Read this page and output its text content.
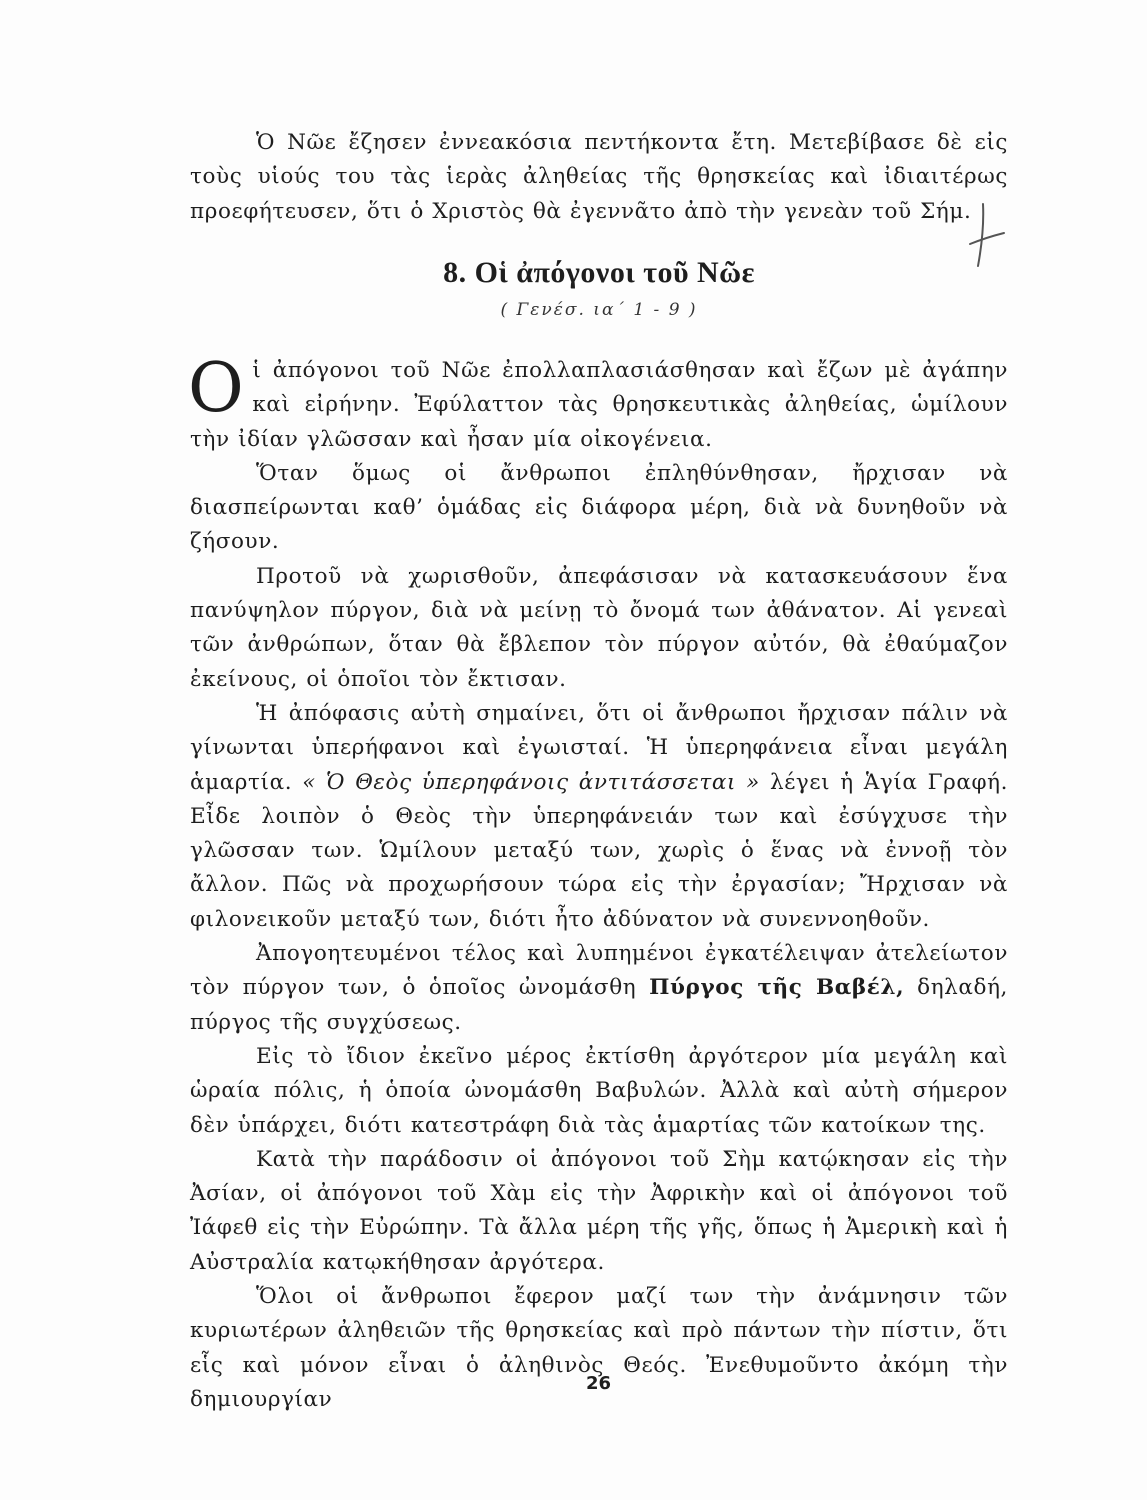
Ὁ Νῶε ἔζησεν ἐννεακόσια πεντήκοντα ἔτη. Μετεβίβασε δὲ εἰς τοὺς υἱούς του τὰς ἱερὰς ἀληθείας τῆς θρησκείας καὶ ἰδιαιτέρως προεφήτευσεν, ὅτι ὁ Χριστὸς θὰ ἐγεννᾶτο ἀπὸ τὴν γενεὰν τοῦ Σήμ.

8. Οἱ ἀπόγονοι τοῦ Νῶε
( Γενέσ. ια΄ 1 - 9 )

Οἱ ἀπόγονοι τοῦ Νῶε ἐπολλαπλασιάσθησαν καὶ ἔζων μὲ ἀγάπην καὶ εἰρήνην. Ἐφύλαττον τὰς θρησκευτικὰς ἀληθείας, ὡμίλουν τὴν ἰδίαν γλῶσσαν καὶ ἦσαν μία οἰκογένεια.

Ὅταν ὅμως οἱ ἄνθρωποι ἐπληθύνθησαν, ἤρχισαν νὰ διασπείρωνται καθ’ ὁμάδας εἰς διάφορα μέρη, διὰ νὰ δυνηθοῦν νὰ ζήσουν.

Προτοῦ νὰ χωρισθοῦν, ἀπεφάσισαν νὰ κατασκευάσουν ἕνα πανύψηλον πύργον, διὰ νὰ μείνῃ τὸ ὄνομά των ἀθάνατον. Αἱ γενεαὶ τῶν ἀνθρώπων, ὅταν θὰ ἔβλεπον τὸν πύργον αὐτόν, θὰ ἐθαύμαζον ἐκείνους, οἱ ὁποῖοι τὸν ἔκτισαν.

Ἡ ἀπόφασις αὐτὴ σημαίνει, ὅτι οἱ ἄνθρωποι ἤρχισαν πάλιν νὰ γίνωνται ὑπερήφανοι καὶ ἐγωισταί. Ἡ ὑπερηφάνεια εἶναι μεγάλη ἁμαρτία. « Ὁ Θεὸς ὑπερηφάνοις ἀντιτάσσεται » λέγει ἡ Ἁγία Γραφή. Εἶδε λοιπὸν ὁ Θεὸς τὴν ὑπερηφάνειάν των καὶ ἐσύγχυσε τὴν γλῶσσαν των. Ὡμίλουν μεταξύ των, χωρὶς ὁ ἕνας νὰ ἐννοῇ τὸν ἄλλον. Πῶς νὰ προχωρήσουν τώρα εἰς τὴν ἐργασίαν; Ἤρχισαν νὰ φιλονεικοῦν μεταξύ των, διότι ἦτο ἀδύνατον νὰ συνεννοηθοῦν.

Ἀπογοητευμένοι τέλος καὶ λυπημένοι ἐγκατέλειψαν ἀτελείωτον τὸν πύργον των, ὁ ὁποῖος ὠνομάσθη Πύργος τῆς Βαβέλ, δηλαδή, πύργος τῆς συγχύσεως.

Εἰς τὸ ἴδιον ἐκεῖνο μέρος ἐκτίσθη ἀργότερον μία μεγάλη καὶ ὡραία πόλις, ἡ ὁποία ὠνομάσθη Βαβυλών. Ἀλλὰ καὶ αὐτὴ σήμερον δὲν ὑπάρχει, διότι κατεστράφη διὰ τὰς ἁμαρτίας τῶν κατοίκων της.

Κατὰ τὴν παράδοσιν οἱ ἀπόγονοι τοῦ Σὴμ κατῴκησαν εἰς τὴν Ἀσίαν, οἱ ἀπόγονοι τοῦ Χὰμ εἰς τὴν Ἀφρικὴν καὶ οἱ ἀπόγονοι τοῦ Ἰάφεθ εἰς τὴν Εὐρώπην. Τὰ ἄλλα μέρη τῆς γῆς, ὅπως ἡ Ἀμερικὴ καὶ ἡ Αὐστραλία κατῳκήθησαν ἀργότερα.

Ὅλοι οἱ ἄνθρωποι ἔφερον μαζί των τὴν ἀνάμνησιν τῶν κυριωτέρων ἀληθειῶν τῆς θρησκείας καὶ πρὸ πάντων τὴν πίστιν, ὅτι εἷς καὶ μόνον εἶναι ὁ ἀληθινὸς Θεός. Ἐνεθυμοῦντο ἀκόμη τὴν δημιουργίαν

26
